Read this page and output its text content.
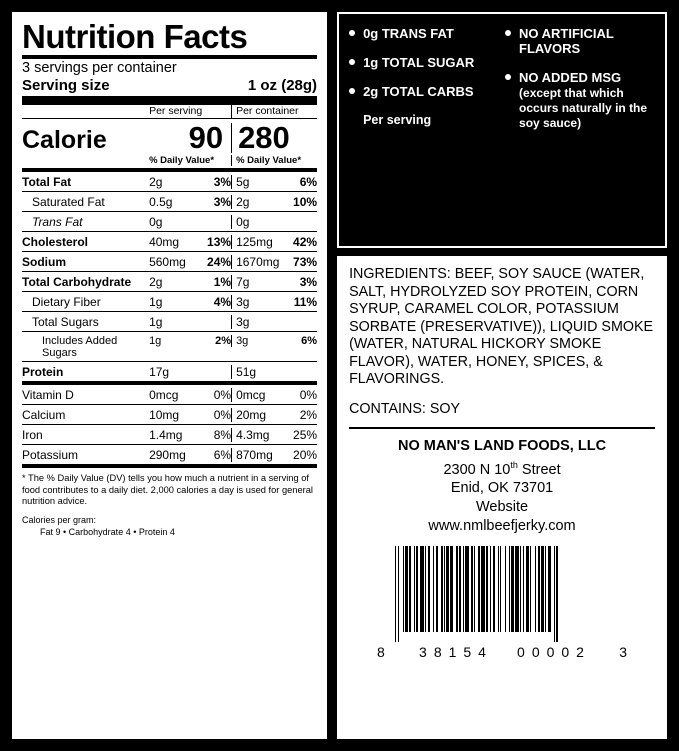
Nutrition Facts
3 servings per container
Serving size	1 oz (28g)
Per serving	Per container
Calorie	90 280
% Daily Value*	% Daily Value*
Total Fat	2g	3% 5g	6%
Saturated Fat	0.5g	3% 2g	10%
Trans Fat	0g	0g
Cholesterol	40mg	13% 125mg	42%
Sodium	560mg	24% 1670mg	73%
Total Carbohydrate	2g	1% 7g	3%
Dietary Fiber	1g	4% 3g	11%
Total Sugars	1g	3g
Includes Added Sugars
1g	2% 3g	6%
Protein	17g	51g
Vitamin D	0mcg	0% 0mcg	0%
Calcium	10mg	0% 20mg	2%
Iron	1.4mg	8% 4.3mg	25%
Potassium	290mg	6% 870mg	20%
* The % Daily Value (DV) tells you how much a nutrient in a serving of food contributes to a daily diet. 2,000 calories a day is used for general nutrition advice.
Calories per gram:
Fat 9 • Carbohydrate 4 • Protein 4
0g TRANS FAT
1g TOTAL SUGAR
2g TOTAL CARBS
Per serving
NO ARTIFICIAL FLAVORS
NO ADDED MSG (except that which occurs naturally in the soy sauce)
INGREDIENTS: BEEF, SOY SAUCE (WATER, SALT, HYDROLYZED SOY PROTEIN, CORN SYRUP, CARAMEL COLOR, POTASSIUM SORBATE (PRESERVATIVE)), LIQUID SMOKE (WATER, NATURAL HICKORY SMOKE FLAVOR), WATER, HONEY, SPICES, & FLAVORINGS.
CONTAINS: SOY
NO MAN'S LAND FOODS, LLC
2300 N 10th Street
Enid, OK 73701
Website
www.nmlbeefjerky.com
8 38154 00002 3
